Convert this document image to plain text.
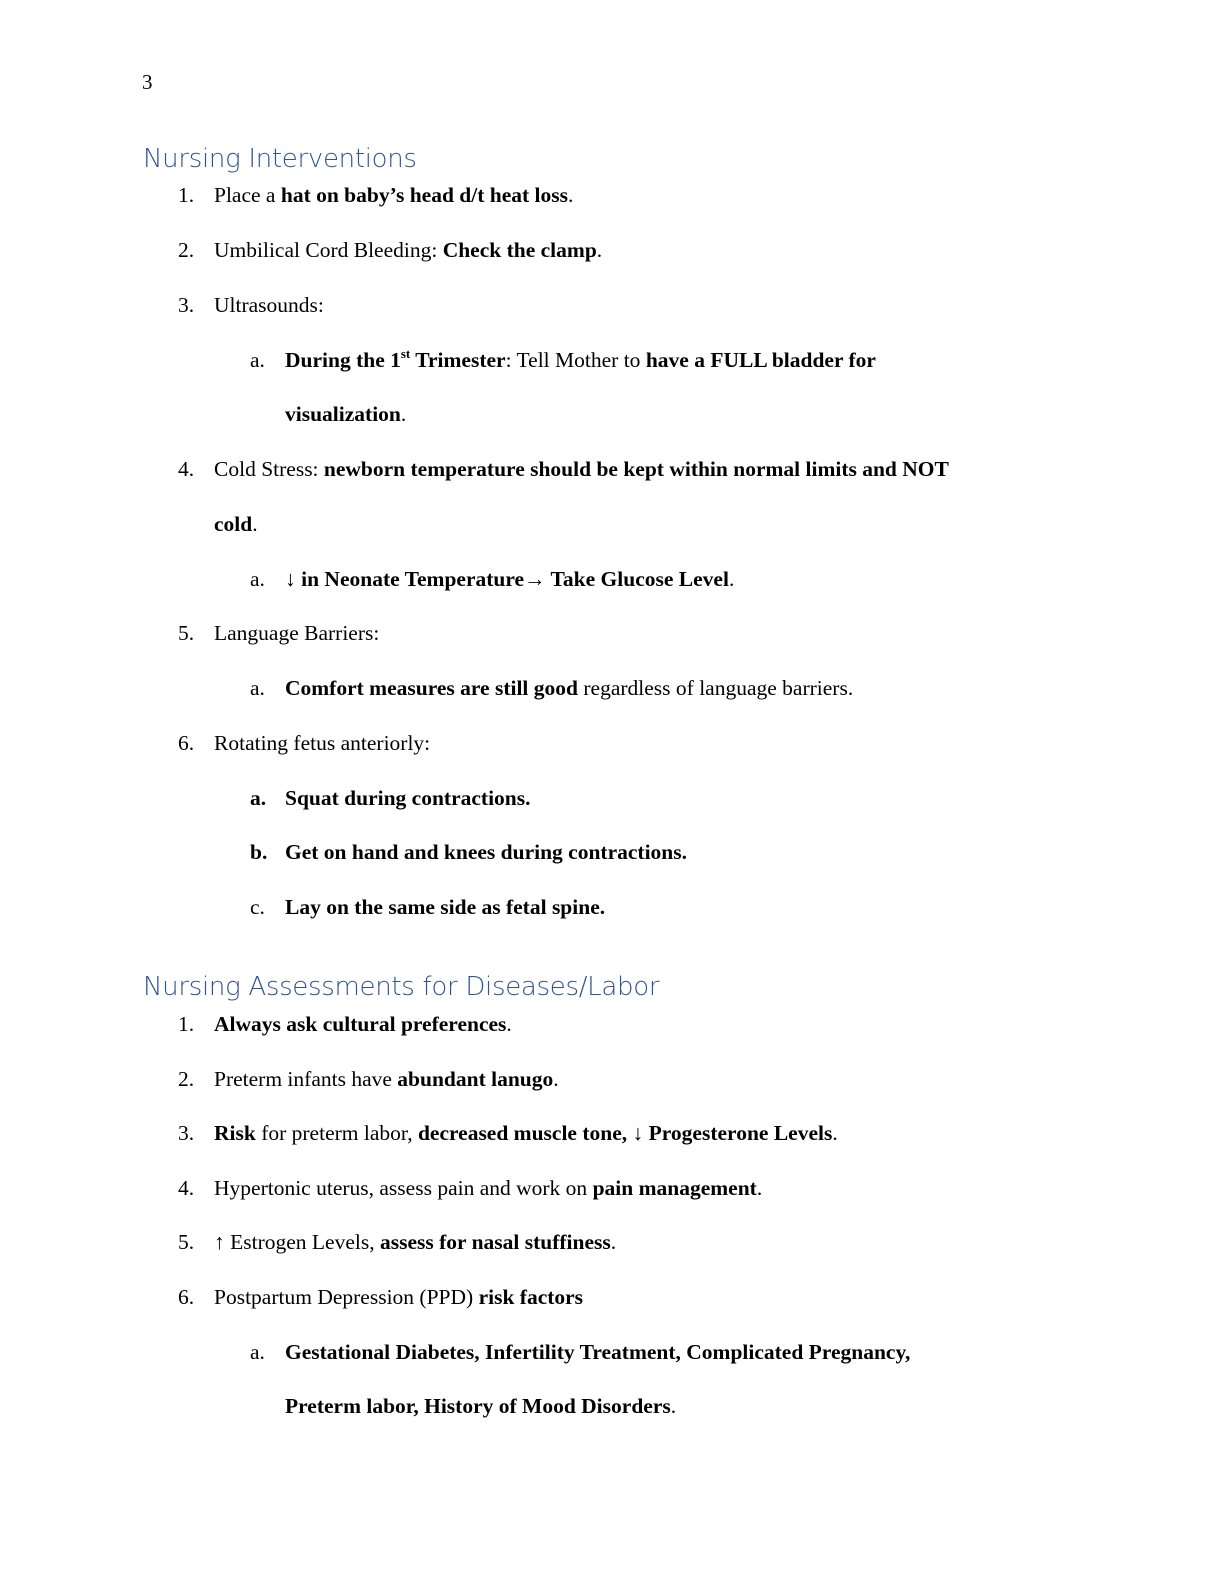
3
Nursing Interventions
1. Place a hat on baby’s head d/t heat loss.
2. Umbilical Cord Bleeding: Check the clamp.
3. Ultrasounds:
a. During the 1st Trimester: Tell Mother to have a FULL bladder for
visualization.
4. Cold Stress: newborn temperature should be kept within normal limits and NOT
cold.
a. ↓ in Neonate Temperature→ Take Glucose Level.
5. Language Barriers:
a. Comfort measures are still good regardless of language barriers.
6. Rotating fetus anteriorly:
a. Squat during contractions.
b. Get on hand and knees during contractions.
c. Lay on the same side as fetal spine.
Nursing Assessments for Diseases/Labor
1. Always ask cultural preferences.
2. Preterm infants have abundant lanugo.
3. Risk for preterm labor, decreased muscle tone, ↓ Progesterone Levels.
4. Hypertonic uterus, assess pain and work on pain management.
5. ↑ Estrogen Levels, assess for nasal stuffiness.
6. Postpartum Depression (PPD) risk factors
a. Gestational Diabetes, Infertility Treatment, Complicated Pregnancy,
Preterm labor, History of Mood Disorders.
